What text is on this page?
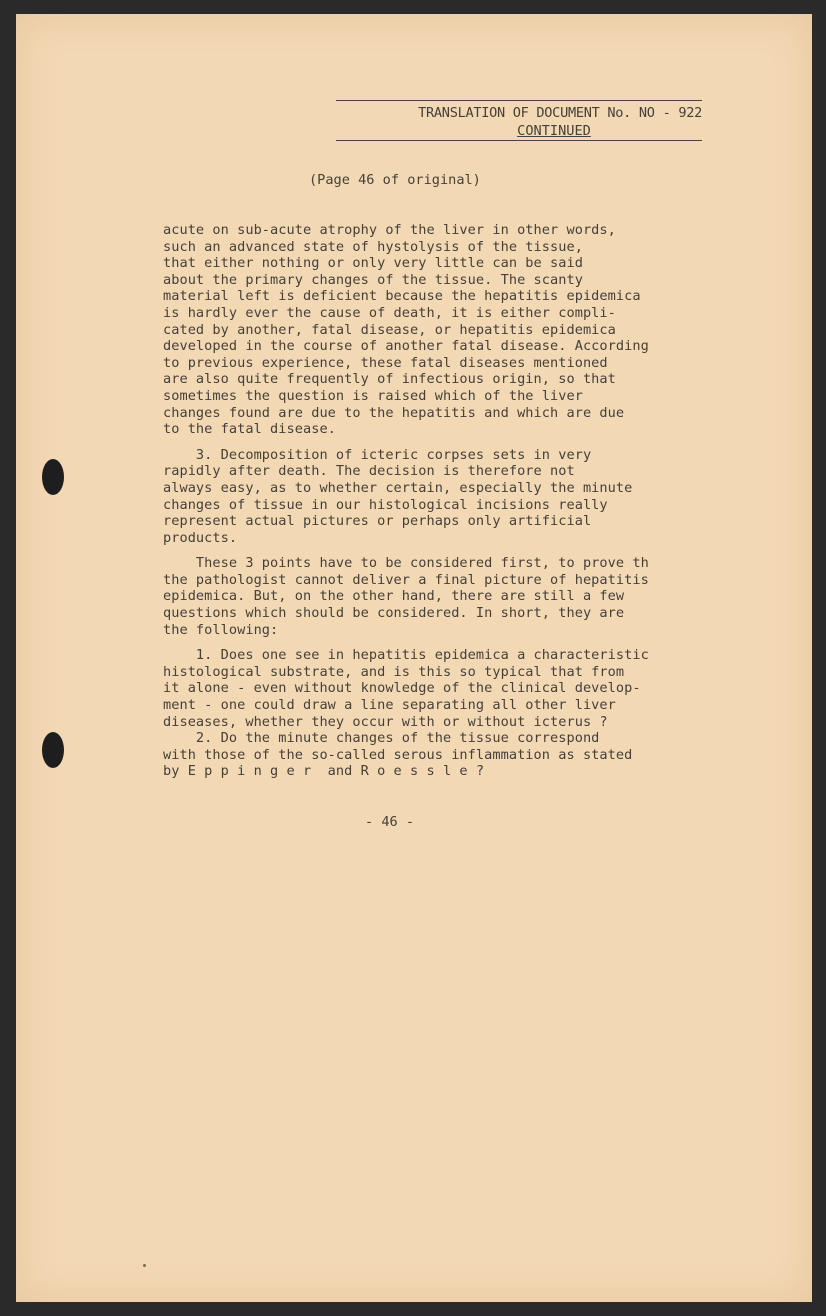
TRANSLATION OF DOCUMENT No. NO - 922
CONTINUED
(Page 46 of original)

acute on sub-acute atrophy of the liver in other words,
such an advanced state of hystolysis of the tissue,
that either nothing or only very little can be said
about the primary changes of the tissue. The scanty
material left is deficient because the hepatitis epidemica
is hardly ever the cause of death, it is either compli-
cated by another, fatal disease, or hepatitis epidemica
developed in the course of another fatal disease. According
to previous experience, these fatal diseases mentioned
are also quite frequently of infectious origin, so that
sometimes the question is raised which of the liver
changes found are due to the hepatitis and which are due
to the fatal disease.

3. Decomposition of icteric corpses sets in very
rapidly after death. The decision is therefore not
always easy, as to whether certain, especially the minute
changes of tissue in our histological incisions really
represent actual pictures or perhaps only artificial
products.

These 3 points have to be considered first, to prove th
the pathologist cannot deliver a final picture of hepatitis
epidemica. But, on the other hand, there are still a few
questions which should be considered. In short, they are
the following:

1. Does one see in hepatitis epidemica a characteristic
histological substrate, and is this so typical that from
it alone - even without knowledge of the clinical develop-
ment - one could draw a line separating all other liver
diseases, whether they occur with or without icterus ?
2. Do the minute changes of the tissue correspond
with those of the so-called serous inflammation as stated
by E p p i n g e r  and R o e s s l e ?

- 46 -
